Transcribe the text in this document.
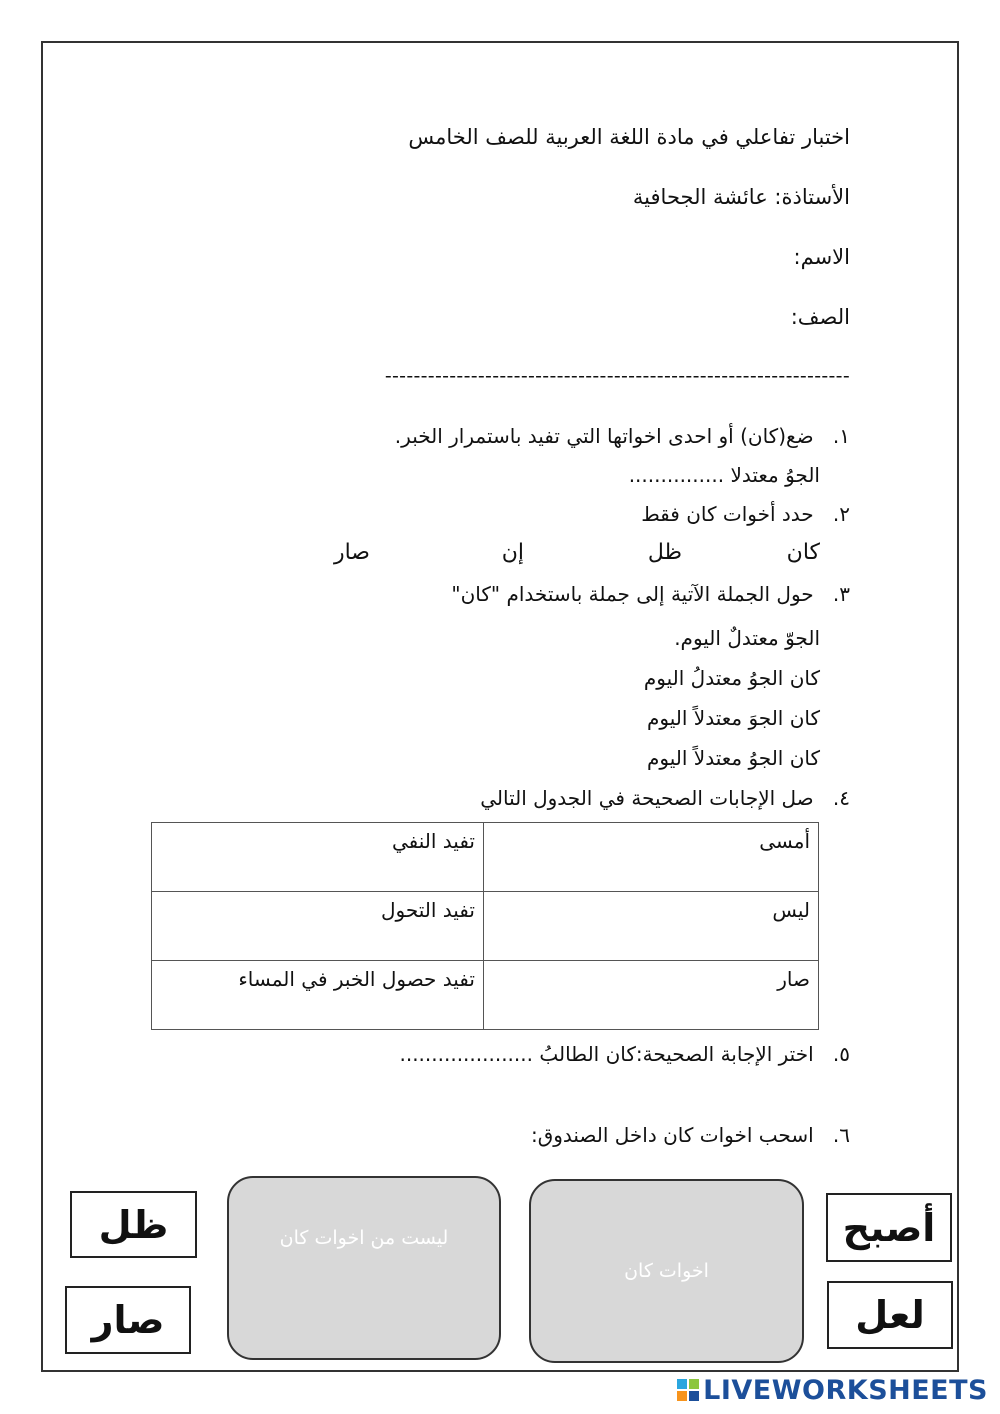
اختبار تفاعلي في مادة اللغة العربية للصف الخامس
الأستاذة: عائشة الجحافية
الاسم:
الصف:
-----------------------------------------------------------------
١. ضع(كان) أو احدى اخواتها التي تفيد باستمرار الخبر.
الجوُ معتدلا ...............
٢. حدد أخوات كان فقط
كان
ظل
إن
صار
٣. حول الجملة الآتية إلى جملة باستخدام "كان"
الجوّ معتدلٌ اليوم.
كان الجوُ معتدلُ اليوم
كان الجوَ معتدلاً اليوم
كان الجوُ معتدلاً اليوم
٤. صل الإجابات الصحيحة في الجدول التالي
أمسى	تفيد النفي
ليس	تفيد التحول
صار	تفيد حصول الخبر في المساء
٥. اختر الإجابة الصحيحة:كان الطالبُ .....................
٦. اسحب اخوات كان داخل الصندوق:
اخوات كان
ليست من اخوات كان
ظل
صار
أصبح
لعل
LIVEWORKSHEETS
